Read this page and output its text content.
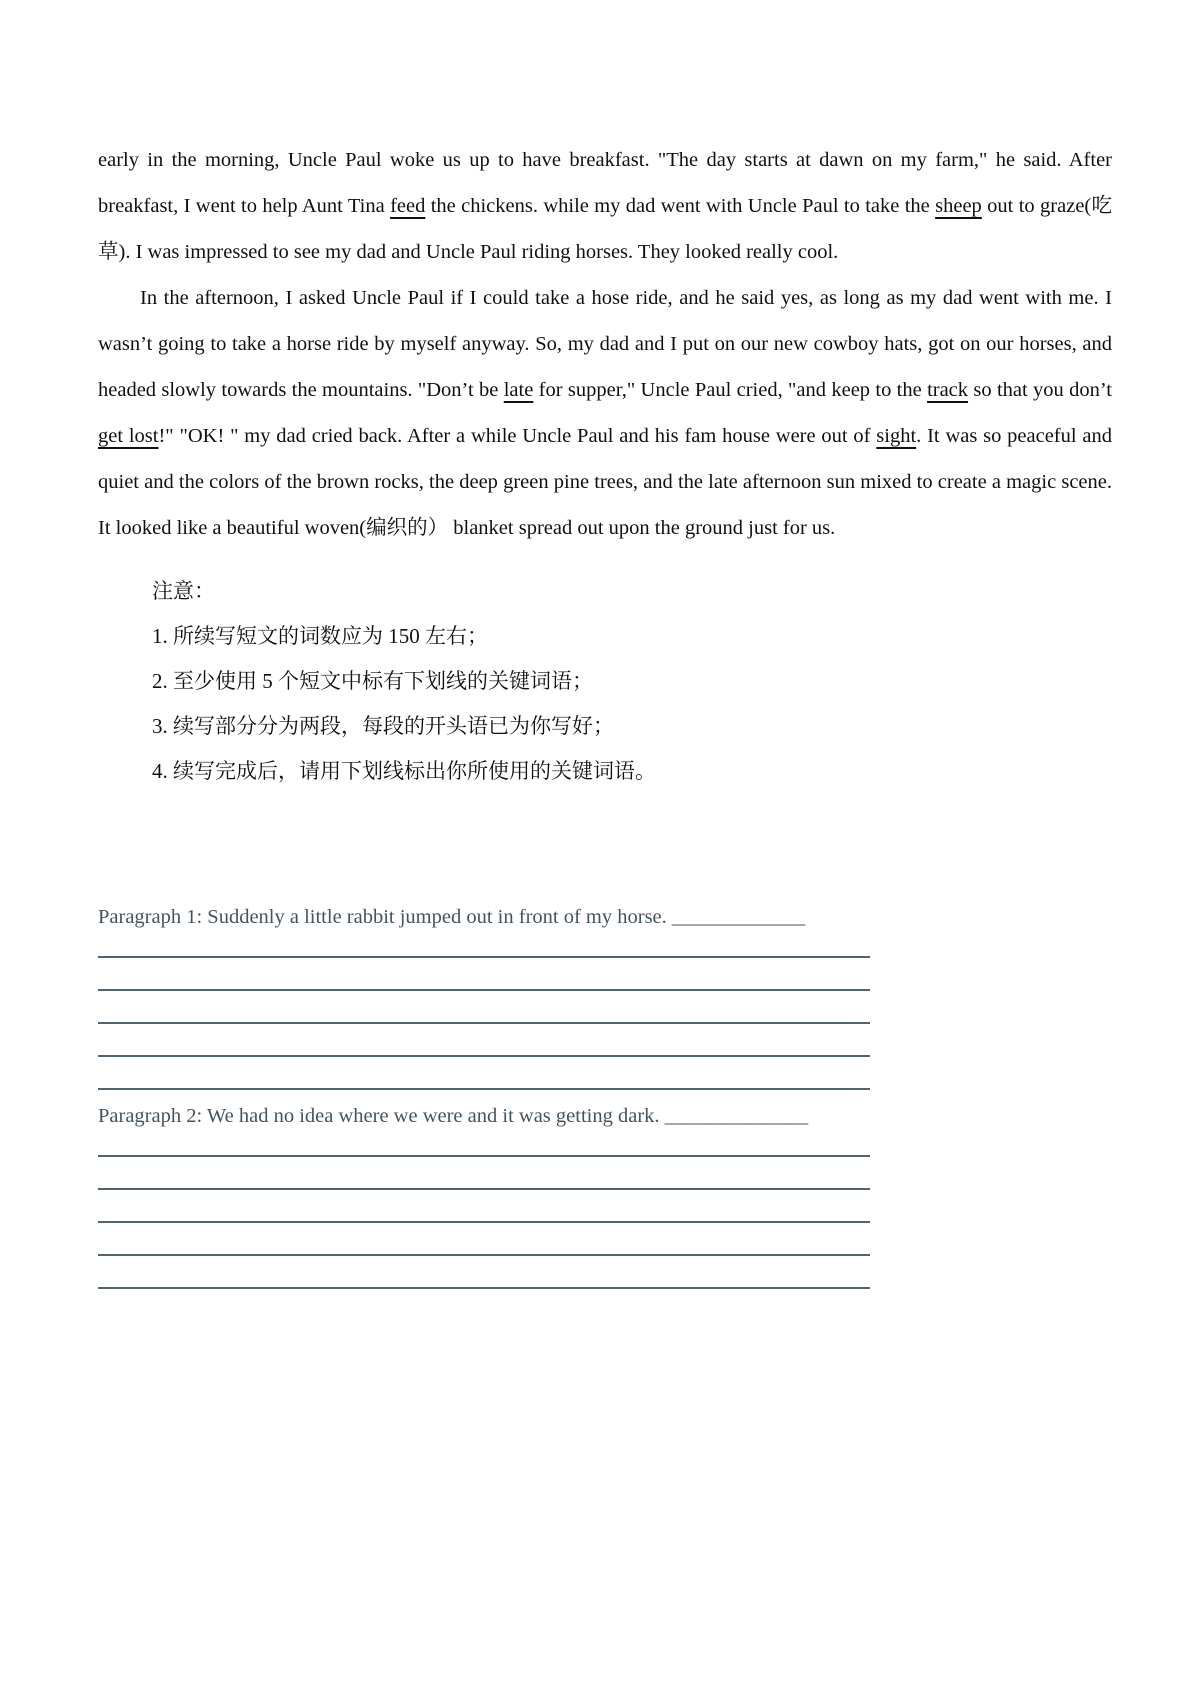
early in the morning, Uncle Paul woke us up to have breakfast. "The day starts at dawn on my farm," he said. After breakfast, I went to help Aunt Tina feed the chickens. while my dad went with Uncle Paul to take the sheep out to graze(吃草). I was impressed to see my dad and Uncle Paul riding horses. They looked really cool.

In the afternoon, I asked Uncle Paul if I could take a hose ride, and he said yes, as long as my dad went with me. I wasn’t going to take a horse ride by myself anyway. So, my dad and I put on our new cowboy hats, got on our horses, and headed slowly towards the mountains. "Don’t be late for supper," Uncle Paul cried, "and keep to the track so that you don’t get lost!" "OK! " my dad cried back. After a while Uncle Paul and his fam house were out of sight. It was so peaceful and quiet and the colors of the brown rocks, the deep green pine trees, and the late afternoon sun mixed to create a magic scene. It looked like a beautiful woven(编织的） blanket spread out upon the ground just for us.

注意：

1. 所续写短文的词数应为 150 左右；
2. 至少使用 5 个短文中标有下划线的关键词语；
3. 续写部分分为两段，每段的开头语已为你写好；
4. 续写完成后，请用下划线标出你所使用的关键词语。

Paragraph 1: Suddenly a little rabbit jumped out in front of my horse. _____________

Paragraph 2: We had no idea where we were and it was getting dark. ______________
